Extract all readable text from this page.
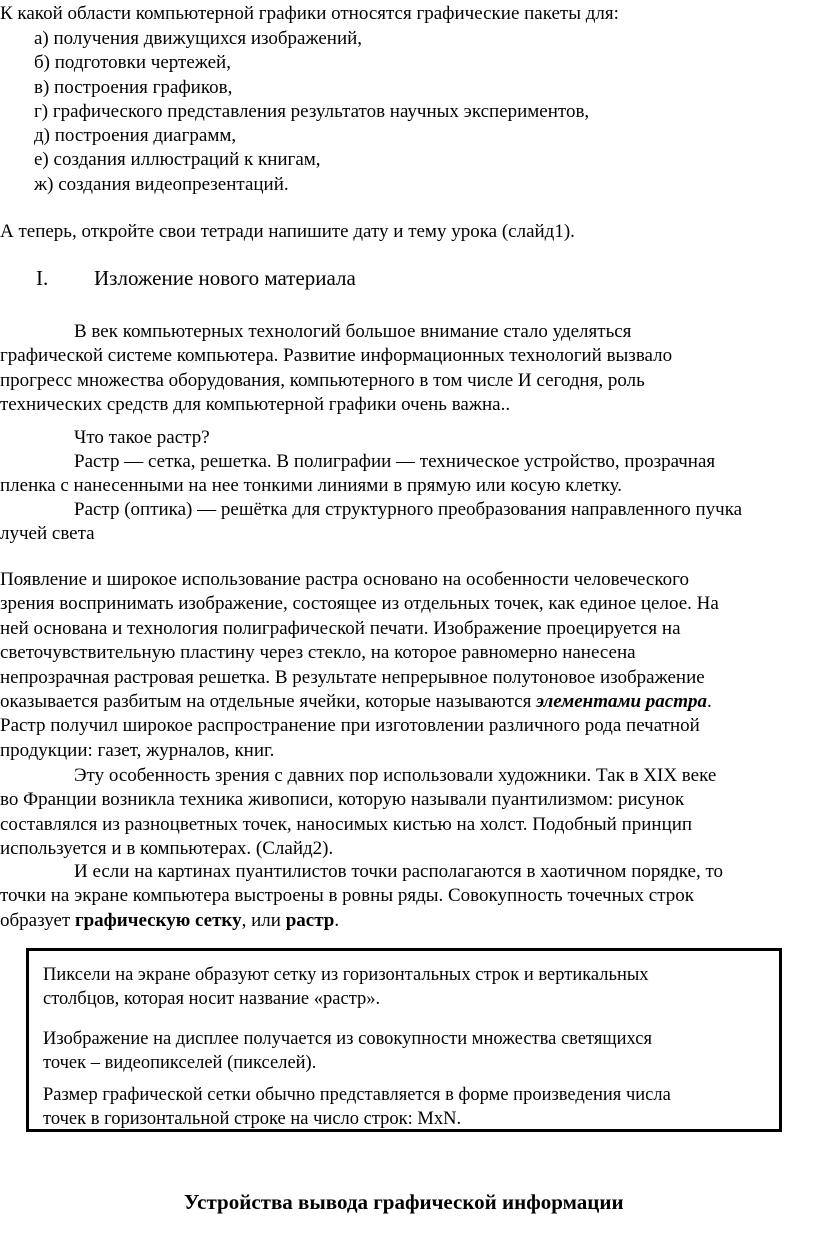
К какой области компьютерной графики относятся графические пакеты для:
а) получения движущихся изображений,
б) подготовки чертежей,
в) построения графиков,
г) графического представления результатов научных экспериментов,
д) построения диаграмм,
е) создания иллюстраций к книгам,
ж) создания видеопрезентаций.
А теперь, откройте свои тетради напишите дату и тему урока (слайд1).
I. Изложение нового материала
В век компьютерных технологий большое внимание стало уделяться
графической системе компьютера. Развитие информационных технологий вызвало
прогресс множества оборудования, компьютерного в том числе И сегодня, роль
технических средств для компьютерной графики очень важна..
Что такое растр?
Растр — сетка, решетка. В полиграфии — техническое устройство, прозрачная
пленка с нанесенными на нее тонкими линиями в прямую или косую клетку.
Растр (оптика) — решётка для структурного преобразования направленного пучка
лучей света
Появление и широкое использование растра основано на особенности человеческого
зрения воспринимать изображение, состоящее из отдельных точек, как единое целое. На
ней основана и технология полиграфической печати. Изображение проецируется на
светочувствительную пластину через стекло, на которое равномерно нанесена
непрозрачная растровая решетка. В результате непрерывное полутоновое изображение
оказывается разбитым на отдельные ячейки, которые называются элементами растра.
Растр получил широкое распространение при изготовлении различного рода печатной
продукции: газет, журналов, книг.
Эту особенность зрения с давних пор использовали художники. Так в XIX веке
во Франции возникла техника живописи, которую называли пуантилизмом: рисунок
составлялся из разноцветных точек, наносимых кистью на холст. Подобный принцип
используется и в компьютерах. (Слайд2).
И если на картинах пуантилистов точки располагаются в хаотичном порядке, то
точки на экране компьютера выстроены в ровны ряды. Совокупность точечных строк
образует графическую сетку, или растр.

Пиксели на экране образуют сетку из горизонтальных строк и вертикальных
столбцов, которая носит название «растр».

Изображение на дисплее получается из совокупности множества светящихся
точек – видеопикселей (пикселей).

Размер графической сетки обычно представляется в форме произведения числа
точек в горизонтальной строке на число строк: MxN.

Устройства вывода графической информации
